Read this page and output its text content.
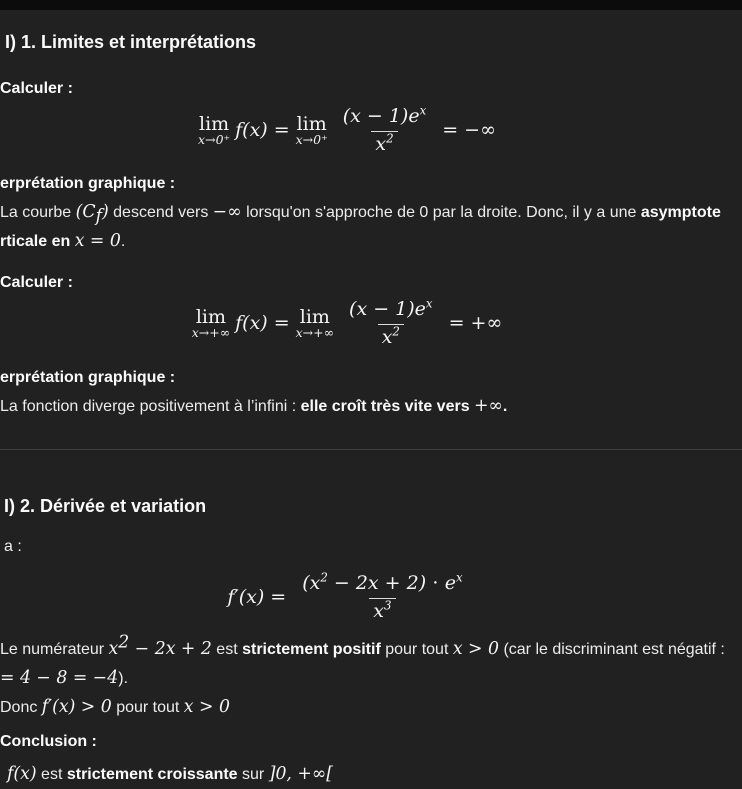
I) 1. Limites et interprétations

Calculer :

lim
x→0⁺ f(x) = lim
$x\to 0^+ \frac{(x - 1)e^x}{x^2}$ = −∞

erprétation graphique :
La courbe $(C_f)$ descend vers −∞ lorsqu'on s'approche de 0 par la droite. Donc, il y a une asymptote
rticale en x = 0.

Calculer :

lim
x→+∞ f(x) = lim
$x\to+\infty \frac{(x - 1)e^x}{x^2}$ = +∞

erprétation graphique :
La fonction diverge positivement à l’infini : elle croît très vite vers +∞.

I) 2. Dérivée et variation

a :

$f'(x) = \frac{(x^2 - 2x + 2) \cdot e^x}{x^3}$

Le numérateur $x^2 - 2x + 2$ est strictement positif pour tout x > 0 (car le discriminant est négatif :
= 4 − 8 = −4).

Donc f′(x) > 0 pour tout x > 0

Conclusion :

f(x) est strictement croissante sur ]0, +∞[
